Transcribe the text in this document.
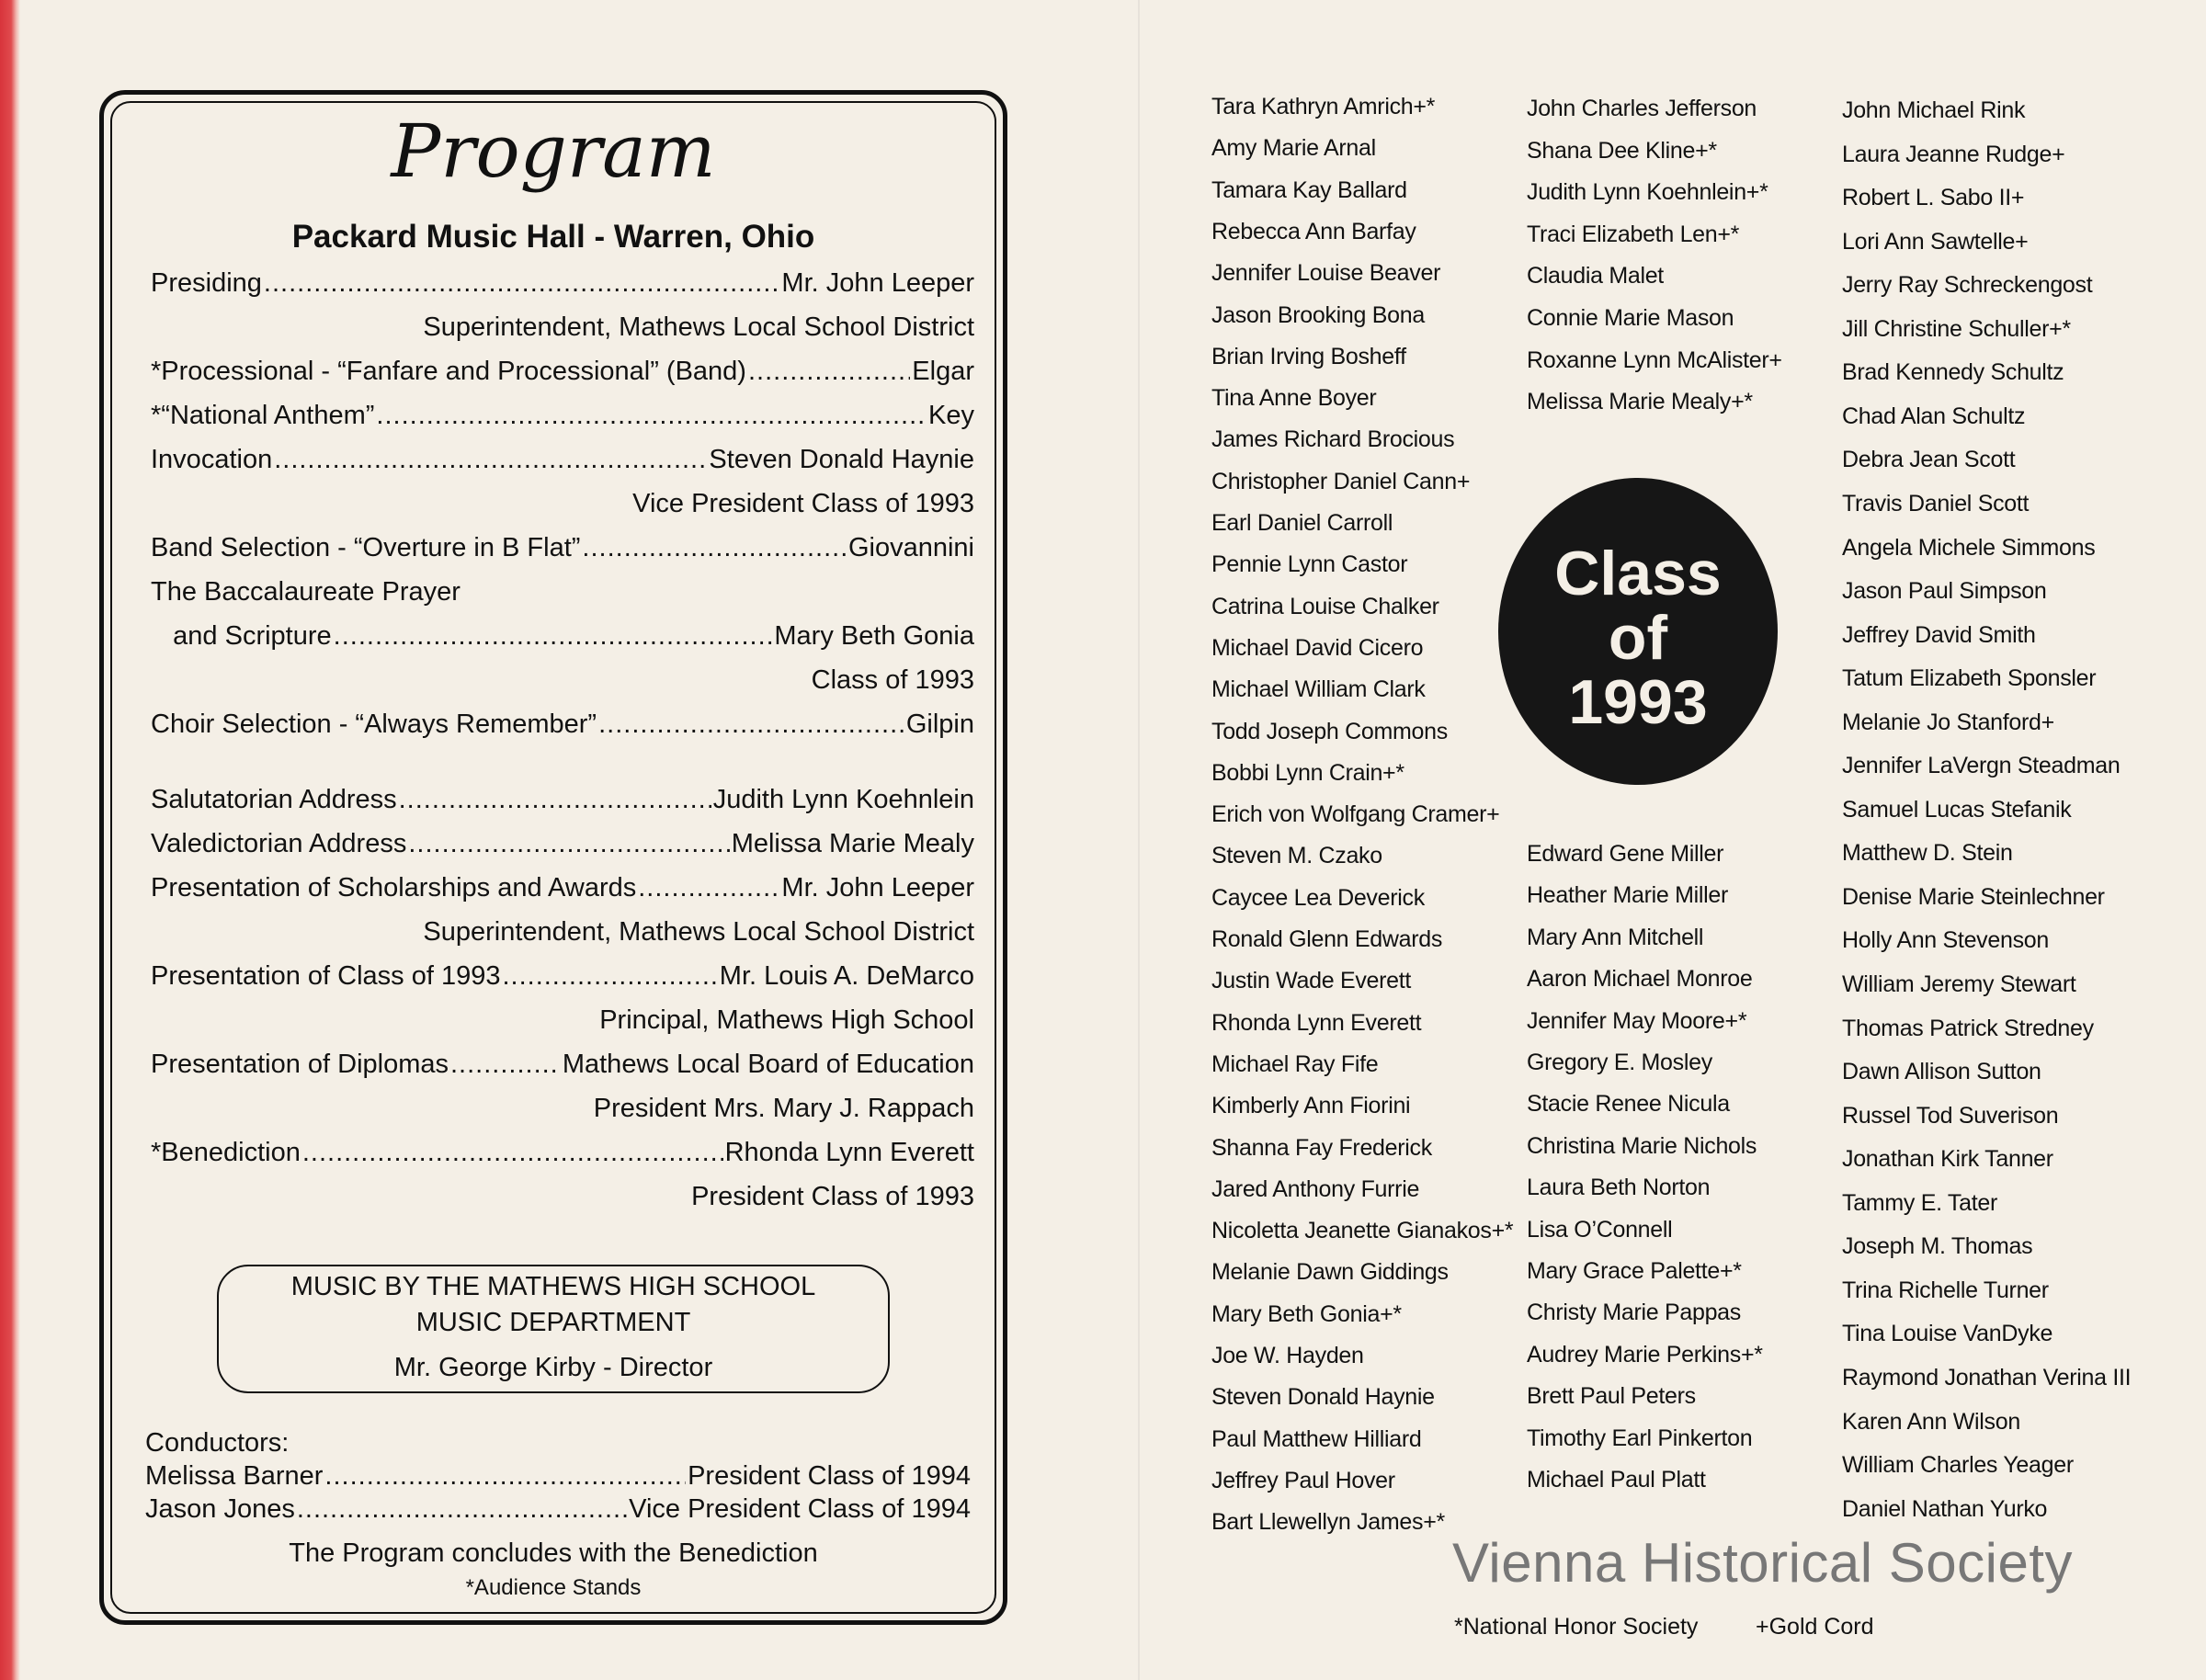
Program
Packard Music Hall - Warren, Ohio
Presiding .....	Mr. John Leeper
Superintendent, Mathews Local School District
*Processional - “Fanfare and Processional” (Band) .....	Elgar
*“National Anthem” .....	Key
Invocation .....	Steven Donald Haynie
Vice President Class of 1993
Band Selection - “Overture in B Flat” .....	Giovannini
The Baccalaureate Prayer
and Scripture .....	Mary Beth Gonia
Class of 1993
Choir Selection - “Always Remember” .....	Gilpin
Salutatorian Address .....	Judith Lynn Koehnlein
Valedictorian Address .....	Melissa Marie Mealy
Presentation of Scholarships and Awards .....	Mr. John Leeper
Superintendent, Mathews Local School District
Presentation of Class of 1993 .....	Mr. Louis A. DeMarco
Principal, Mathews High School
Presentation of Diplomas .....	Mathews Local Board of Education
President Mrs. Mary J. Rappach
*Benediction .....	Rhonda Lynn Everett
President Class of 1993
MUSIC BY THE MATHEWS HIGH SCHOOL
MUSIC DEPARTMENT
Mr. George Kirby - Director
Conductors:
Melissa Barner .....	President Class of 1994
Jason Jones .....	Vice President Class of 1994
The Program concludes with the Benediction
*Audience Stands
Tara Kathryn Amrich+*
Amy Marie Arnal
Tamara Kay Ballard
Rebecca Ann Barfay
Jennifer Louise Beaver
Jason Brooking Bona
Brian Irving Bosheff
Tina Anne Boyer
James Richard Brocious
Christopher Daniel Cann+
Earl Daniel Carroll
Pennie Lynn Castor
Catrina Louise Chalker
Michael David Cicero
Michael William Clark
Todd Joseph Commons
Bobbi Lynn Crain+*
Erich von Wolfgang Cramer+
Steven M. Czako
Caycee Lea Deverick
Ronald Glenn Edwards
Justin Wade Everett
Rhonda Lynn Everett
Michael Ray Fife
Kimberly Ann Fiorini
Shanna Fay Frederick
Jared Anthony Furrie
Nicoletta Jeanette Gianakos+*
Melanie Dawn Giddings
Mary Beth Gonia+*
Joe W. Hayden
Steven Donald Haynie
Paul Matthew Hilliard
Jeffrey Paul Hover
Bart Llewellyn James+*
John Charles Jefferson
Shana Dee Kline+*
Judith Lynn Koehnlein+*
Traci Elizabeth Len+*
Claudia Malet
Connie Marie Mason
Roxanne Lynn McAlister+
Melissa Marie Mealy+*
Edward Gene Miller
Heather Marie Miller
Mary Ann Mitchell
Aaron Michael Monroe
Jennifer May Moore+*
Gregory E. Mosley
Stacie Renee Nicula
Christina Marie Nichols
Laura Beth Norton
Lisa O’Connell
Mary Grace Palette+*
Christy Marie Pappas
Audrey Marie Perkins+*
Brett Paul Peters
Timothy Earl Pinkerton
Michael Paul Platt
John Michael Rink
Laura Jeanne Rudge+
Robert L. Sabo II+
Lori Ann Sawtelle+
Jerry Ray Schreckengost
Jill Christine Schuller+*
Brad Kennedy Schultz
Chad Alan Schultz
Debra Jean Scott
Travis Daniel Scott
Angela Michele Simmons
Jason Paul Simpson
Jeffrey David Smith
Tatum Elizabeth Sponsler
Melanie Jo Stanford+
Jennifer LaVergn Steadman
Samuel Lucas Stefanik
Matthew D. Stein
Denise Marie Steinlechner
Holly Ann Stevenson
William Jeremy Stewart
Thomas Patrick Stredney
Dawn Allison Sutton
Russel Tod Suverison
Jonathan Kirk Tanner
Tammy E. Tater
Joseph M. Thomas
Trina Richelle Turner
Tina Louise VanDyke
Raymond Jonathan Verina III
Karen Ann Wilson
William Charles Yeager
Daniel Nathan Yurko
Class
of
1993
Vienna Historical Society
*National Honor Society	+Gold Cord
